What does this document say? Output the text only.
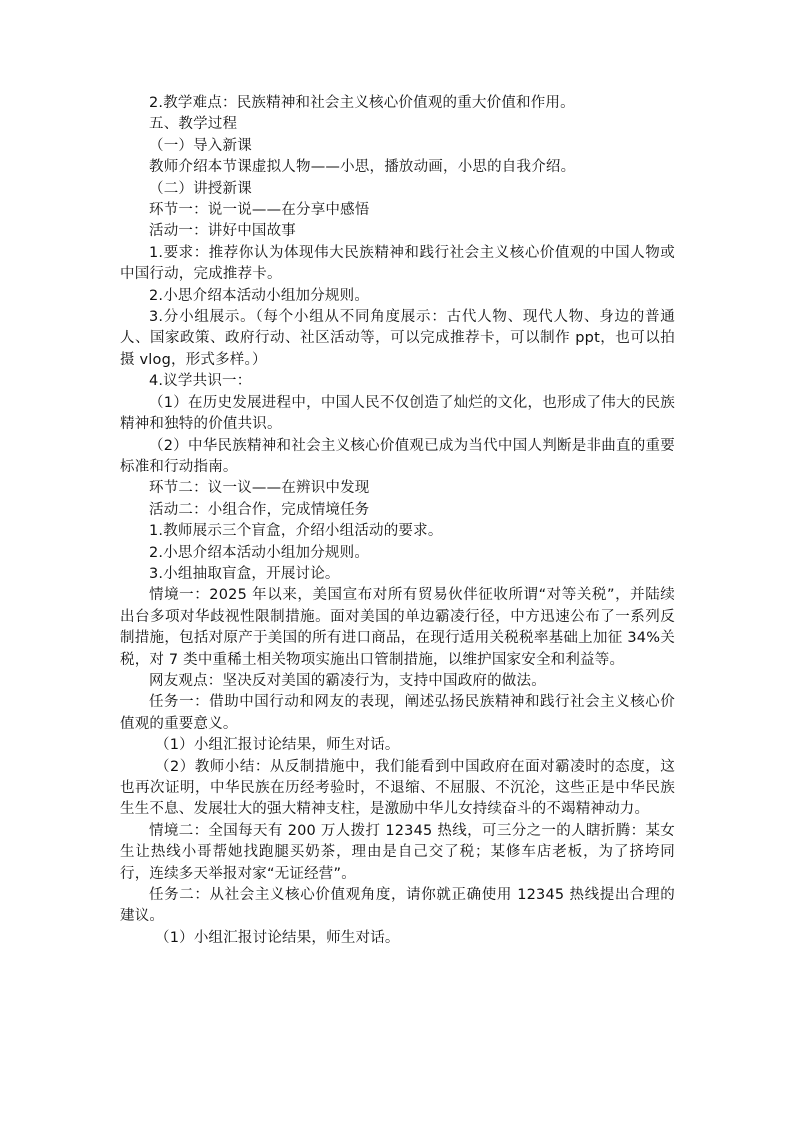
2.教学难点：民族精神和社会主义核心价值观的重大价值和作用。

五、教学过程

（一）导入新课

教师介绍本节课虚拟人物——小思，播放动画，小思的自我介绍。

（二）讲授新课

环节一：说一说——在分享中感悟

活动一：讲好中国故事

1.要求：推荐你认为体现伟大民族精神和践行社会主义核心价值观的中国人物或中国行动，完成推荐卡。

2.小思介绍本活动小组加分规则。

3.分小组展示。（每个小组从不同角度展示：古代人物、现代人物、身边的普通人、国家政策、政府行动、社区活动等，可以完成推荐卡，可以制作 ppt，也可以拍摄 vlog，形式多样。）

4.议学共识一：

（1）在历史发展进程中，中国人民不仅创造了灿烂的文化，也形成了伟大的民族精神和独特的价值共识。

（2）中华民族精神和社会主义核心价值观已成为当代中国人判断是非曲直的重要标准和行动指南。

环节二：议一议——在辨识中发现

活动二：小组合作，完成情境任务

1.教师展示三个盲盒，介绍小组活动的要求。

2.小思介绍本活动小组加分规则。

3.小组抽取盲盒，开展讨论。

情境一：2025 年以来，美国宣布对所有贸易伙伴征收所谓“对等关税”，并陆续出台多项对华歧视性限制措施。面对美国的单边霸凌行径，中方迅速公布了一系列反制措施，包括对原产于美国的所有进口商品，在现行适用关税税率基础上加征 34%关税，对 7 类中重稀土相关物项实施出口管制措施，以维护国家安全和利益等。

网友观点：坚决反对美国的霸凌行为，支持中国政府的做法。

任务一：借助中国行动和网友的表现，阐述弘扬民族精神和践行社会主义核心价值观的重要意义。

（1）小组汇报讨论结果，师生对话。

（2）教师小结：从反制措施中，我们能看到中国政府在面对霸凌时的态度，这也再次证明，中华民族在历经考验时，不退缩、不屈服、不沉沦，这些正是中华民族生生不息、发展壮大的强大精神支柱，是激励中华儿女持续奋斗的不竭精神动力。

情境二：全国每天有 200 万人拨打 12345 热线，可三分之一的人瞎折腾：某女生让热线小哥帮她找跑腿买奶茶，理由是自己交了税；某修车店老板，为了挤垮同行，连续多天举报对家“无证经营”。

任务二：从社会主义核心价值观角度，请你就正确使用 12345 热线提出合理的建议。

（1）小组汇报讨论结果，师生对话。
